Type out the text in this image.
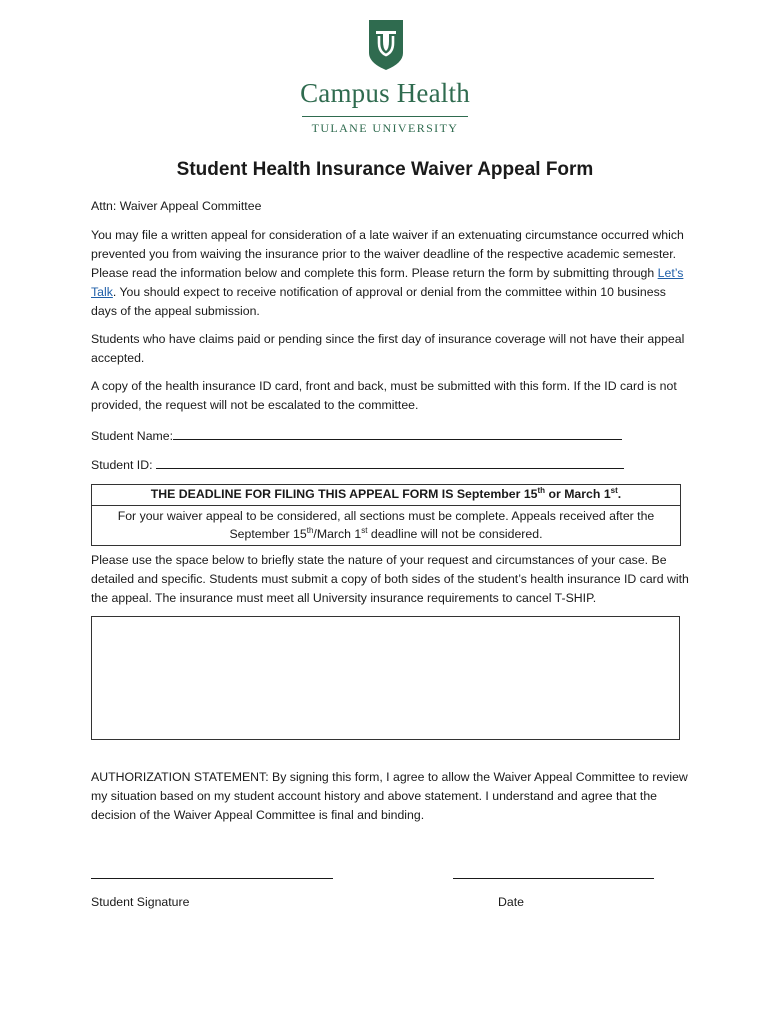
Campus Health
TULANE UNIVERSITY
Student Health Insurance Waiver Appeal Form
Attn: Waiver Appeal Committee
You may file a written appeal for consideration of a late waiver if an extenuating circumstance occurred which prevented you from waiving the insurance prior to the waiver deadline of the respective academic semester. Please read the information below and complete this form. Please return the form by submitting through Let’s Talk. You should expect to receive notification of approval or denial from the committee within 10 business days of the appeal submission.
Students who have claims paid or pending since the first day of insurance coverage will not have their appeal accepted.
A copy of the health insurance ID card, front and back, must be submitted with this form. If the ID card is not provided, the request will not be escalated to the committee.
Student Name:
Student ID:
THE DEADLINE FOR FILING THIS APPEAL FORM IS September 15th or March 1st.
For your waiver appeal to be considered, all sections must be complete. Appeals received after the September 15th/March 1st deadline will not be considered.
Please use the space below to briefly state the nature of your request and circumstances of your case. Be detailed and specific. Students must submit a copy of both sides of the student’s health insurance ID card with the appeal. The insurance must meet all University insurance requirements to cancel T-SHIP.
AUTHORIZATION STATEMENT: By signing this form, I agree to allow the Waiver Appeal Committee to review my situation based on my student account history and above statement. I understand and agree that the decision of the Waiver Appeal Committee is final and binding.
Student Signature	Date
